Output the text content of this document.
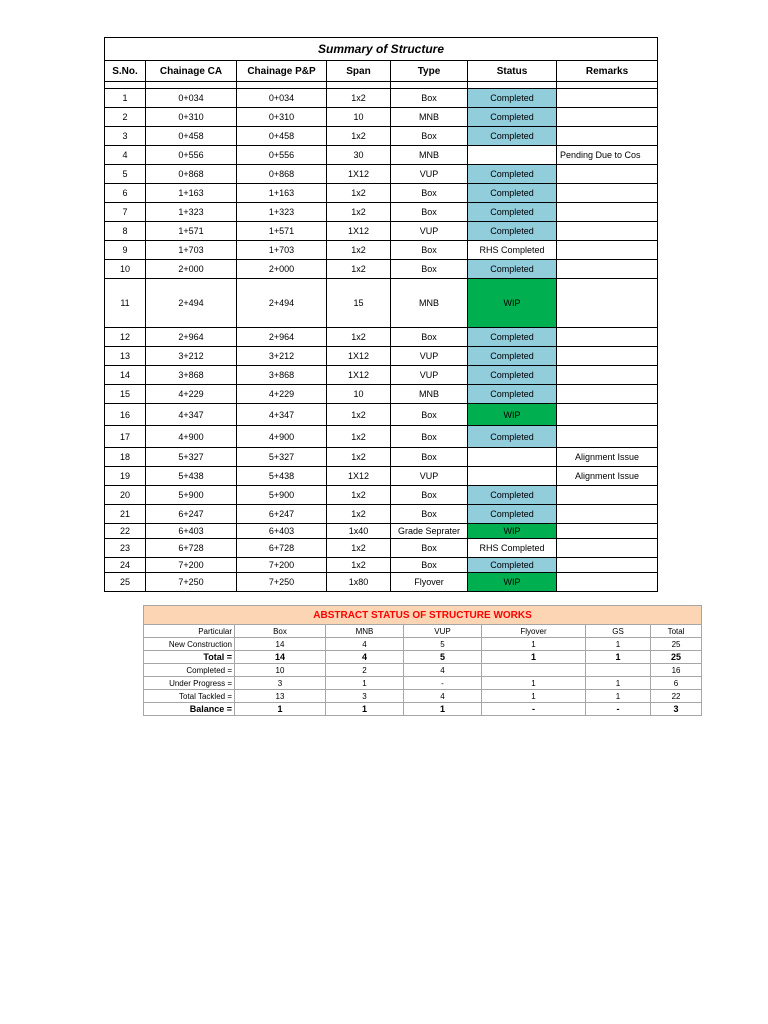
Summary of Structure						
S.No.	Chainage CA	Chainage P&P	Span	Type	Status	Remarks

1	0+034	0+034	1x2	Box	Completed	
2	0+310	0+310	10	MNB	Completed	
3	0+458	0+458	1x2	Box	Completed	
4	0+556	0+556	30	MNB		Pending Due to Cos
5	0+868	0+868	1X12	VUP	Completed	
6	1+163	1+163	1x2	Box	Completed	
7	1+323	1+323	1x2	Box	Completed	
8	1+571	1+571	1X12	VUP	Completed	
9	1+703	1+703	1x2	Box	RHS Completed	
10	2+000	2+000	1x2	Box	Completed	
11	2+494	2+494	15	MNB	WIP	
12	2+964	2+964	1x2	Box	Completed	
13	3+212	3+212	1X12	VUP	Completed	
14	3+868	3+868	1X12	VUP	Completed	
15	4+229	4+229	10	MNB	Completed	
16	4+347	4+347	1x2	Box	WIP	
17	4+900	4+900	1x2	Box	Completed	
18	5+327	5+327	1x2	Box		Alignment Issue
19	5+438	5+438	1X12	VUP		Alignment Issue
20	5+900	5+900	1x2	Box	Completed	
21	6+247	6+247	1x2	Box	Completed	
22	6+403	6+403	1x40	Grade Seprater	WIP	
23	6+728	6+728	1x2	Box	RHS Completed	
24	7+200	7+200	1x2	Box	Completed	
25	7+250	7+250	1x80	Flyover	WIP	
ABSTRACT STATUS OF STRUCTURE WORKS						
Particular	Box	MNB	VUP	Flyover	GS	Total
New Construction	14	4	5	1	1	25
Total =	14	4	5	1	1	25
Completed =	10	2	4			16
Under Progress =	3	1	-	1	1	6
Total Tackled =	13	3	4	1	1	22
Balance =	1	1	1	-	-	3
